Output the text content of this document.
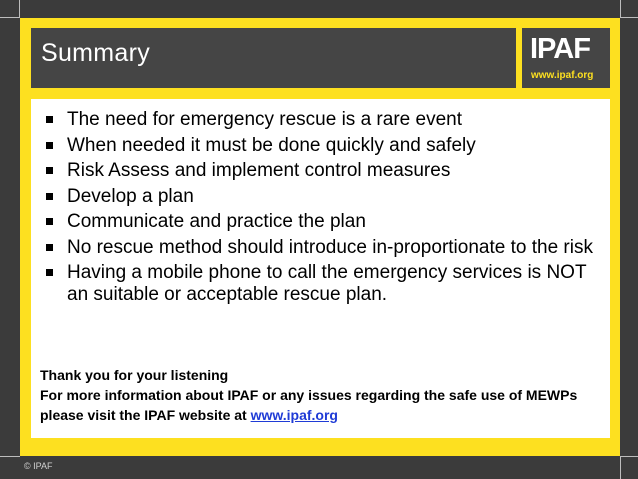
Summary	IPAF
www.ipaf.org
The need for emergency rescue is a rare event
When needed it must be done quickly and safely
Risk Assess and implement control measures
Develop a plan
Communicate and practice the plan
No rescue method should introduce in-proportionate to the risk
Having a mobile phone to call the emergency services is NOT an suitable or acceptable rescue plan.
Thank you for your listening
For more information about IPAF or any issues regarding the safe use of MEWPs please visit the IPAF website at www.ipaf.org
© IPAF
